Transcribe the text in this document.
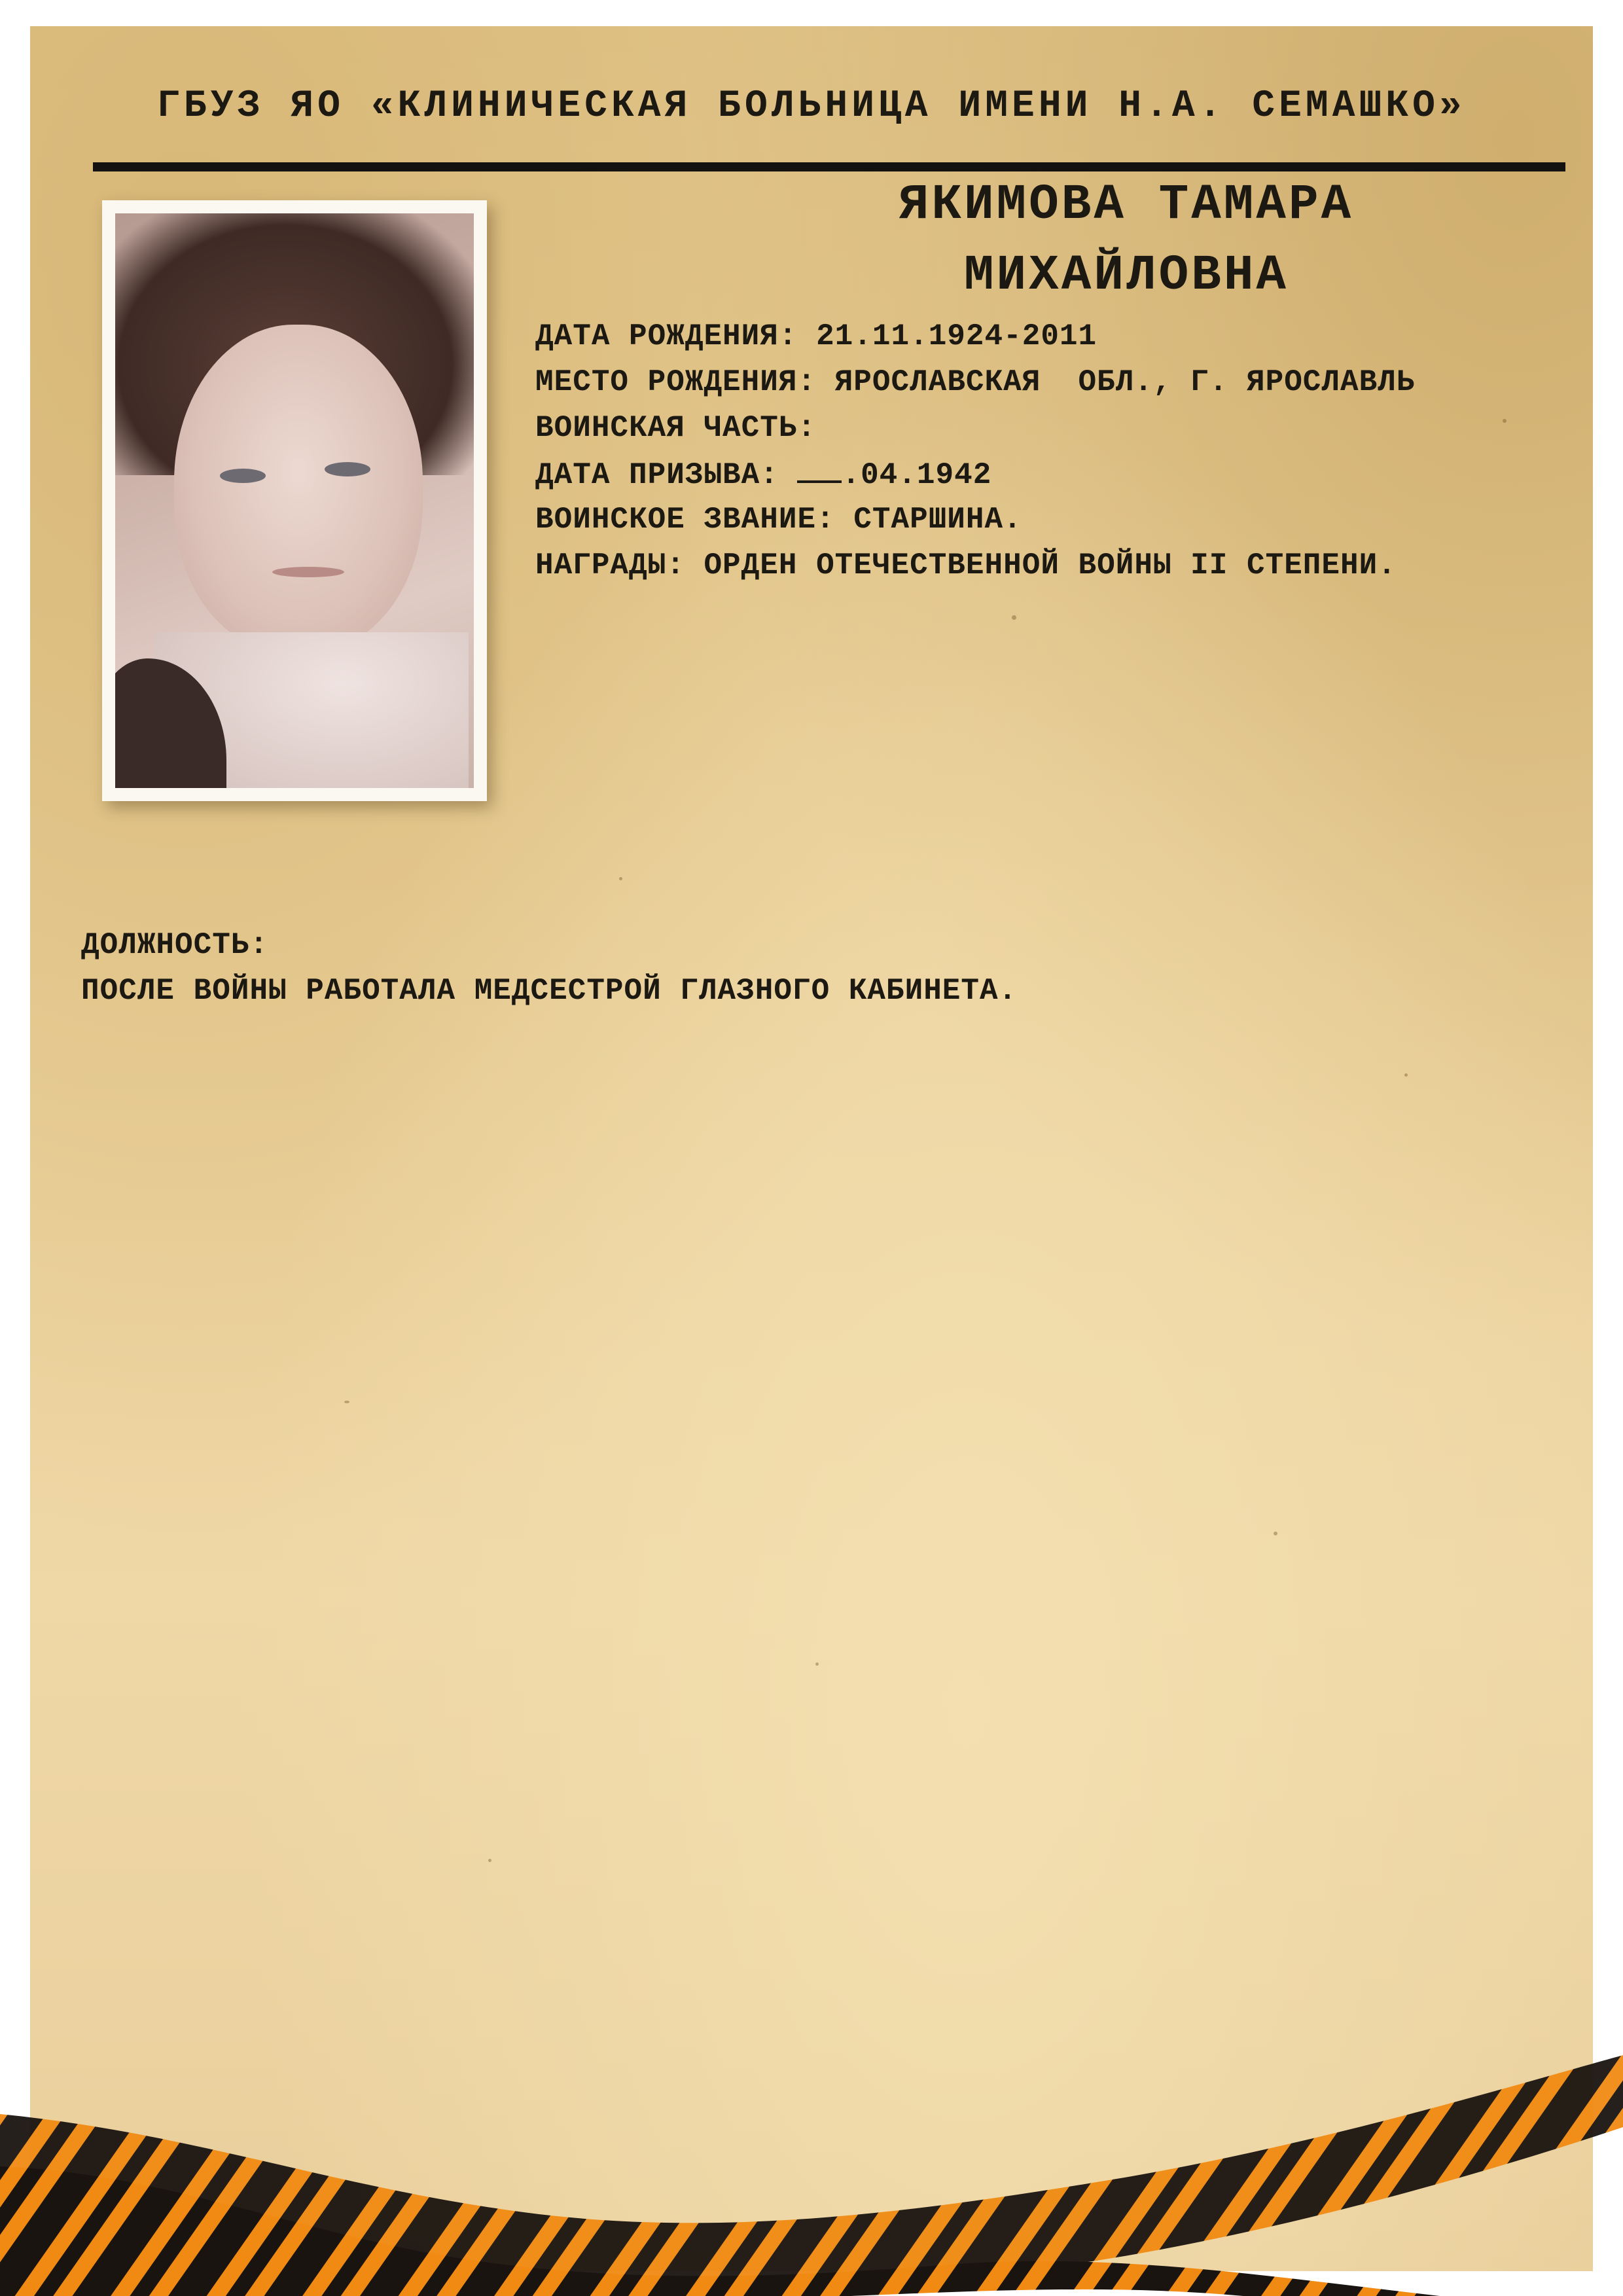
ГБУЗ ЯО «КЛИНИЧЕСКАЯ БОЛЬНИЦА ИМЕНИ Н.А. СЕМАШКО»
ЯКИМОВА ТАМАРА
МИХАЙЛОВНА
ДАТА РОЖДЕНИЯ: 21.11.1924-2011
МЕСТО РОЖДЕНИЯ: ЯРОСЛАВСКАЯ  ОБЛ., Г. ЯРОСЛАВЛЬ
ВОИНСКАЯ ЧАСТЬ:
ДАТА ПРИЗЫВА: .04.1942
ВОИНСКОЕ ЗВАНИЕ: СТАРШИНА.
НАГРАДЫ: ОРДЕН ОТЕЧЕСТВЕННОЙ ВОЙНЫ II СТЕПЕНИ.
ДОЛЖНОСТЬ:
ПОСЛЕ ВОЙНЫ РАБОТАЛА МЕДСЕСТРОЙ ГЛАЗНОГО КАБИНЕТА.
